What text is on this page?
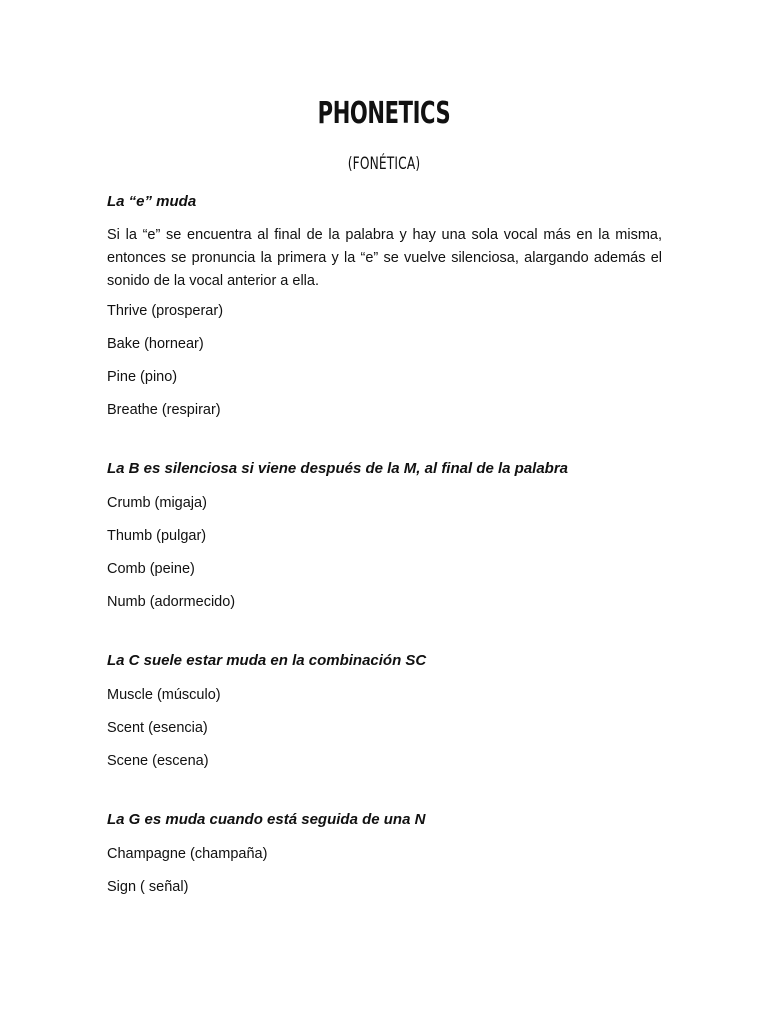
PHONETICS
(FONÉTICA)
La “e” muda
Si la “e” se encuentra al final de la palabra y hay una sola vocal más en la misma, entonces se pronuncia la primera y la “e” se vuelve silenciosa, alargando además el sonido de la vocal anterior a ella.
Thrive (prosperar)
Bake (hornear)
Pine (pino)
Breathe (respirar)
La B es silenciosa si viene después de la M, al final de la palabra
Crumb (migaja)
Thumb (pulgar)
Comb (peine)
Numb (adormecido)
La C suele estar muda en la combinación SC
Muscle (músculo)
Scent (esencia)
Scene (escena)
La G es muda cuando está seguida de una N
Champagne (champaña)
Sign ( señal)
